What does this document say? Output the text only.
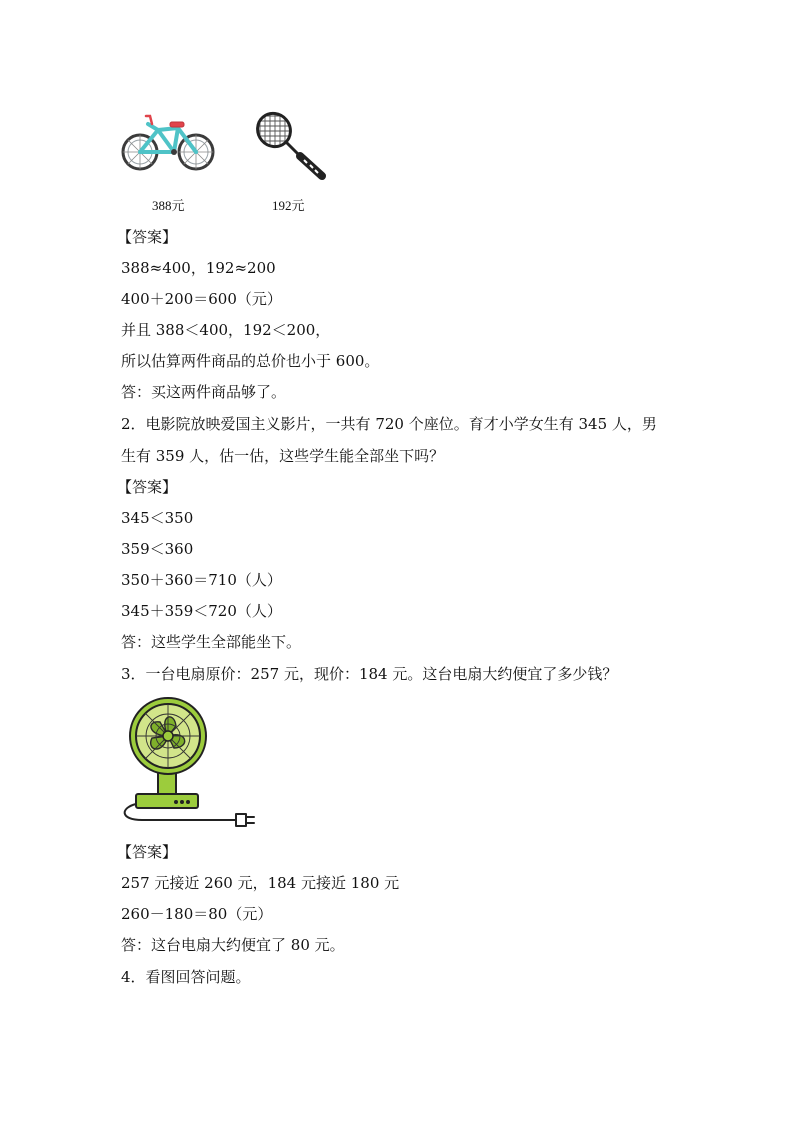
388元	192元
【答案】
388≈400，192≈200
400＋200＝600（元）
并且 388＜400，192＜200，
所以估算两件商品的总价也小于 600。
答：买这两件商品够了。
2．电影院放映爱国主义影片，一共有 720 个座位。育才小学女生有 345 人，男
生有 359 人，估一估，这些学生能全部坐下吗？
【答案】
345＜350
359＜360
350＋360＝710（人）
345＋359＜720（人）
答：这些学生全部能坐下。
3．一台电扇原价：257 元，现价：184 元。这台电扇大约便宜了多少钱？
【答案】
257 元接近 260 元，184 元接近 180 元
260－180＝80（元）
答：这台电扇大约便宜了 80 元。
4．看图回答问题。
